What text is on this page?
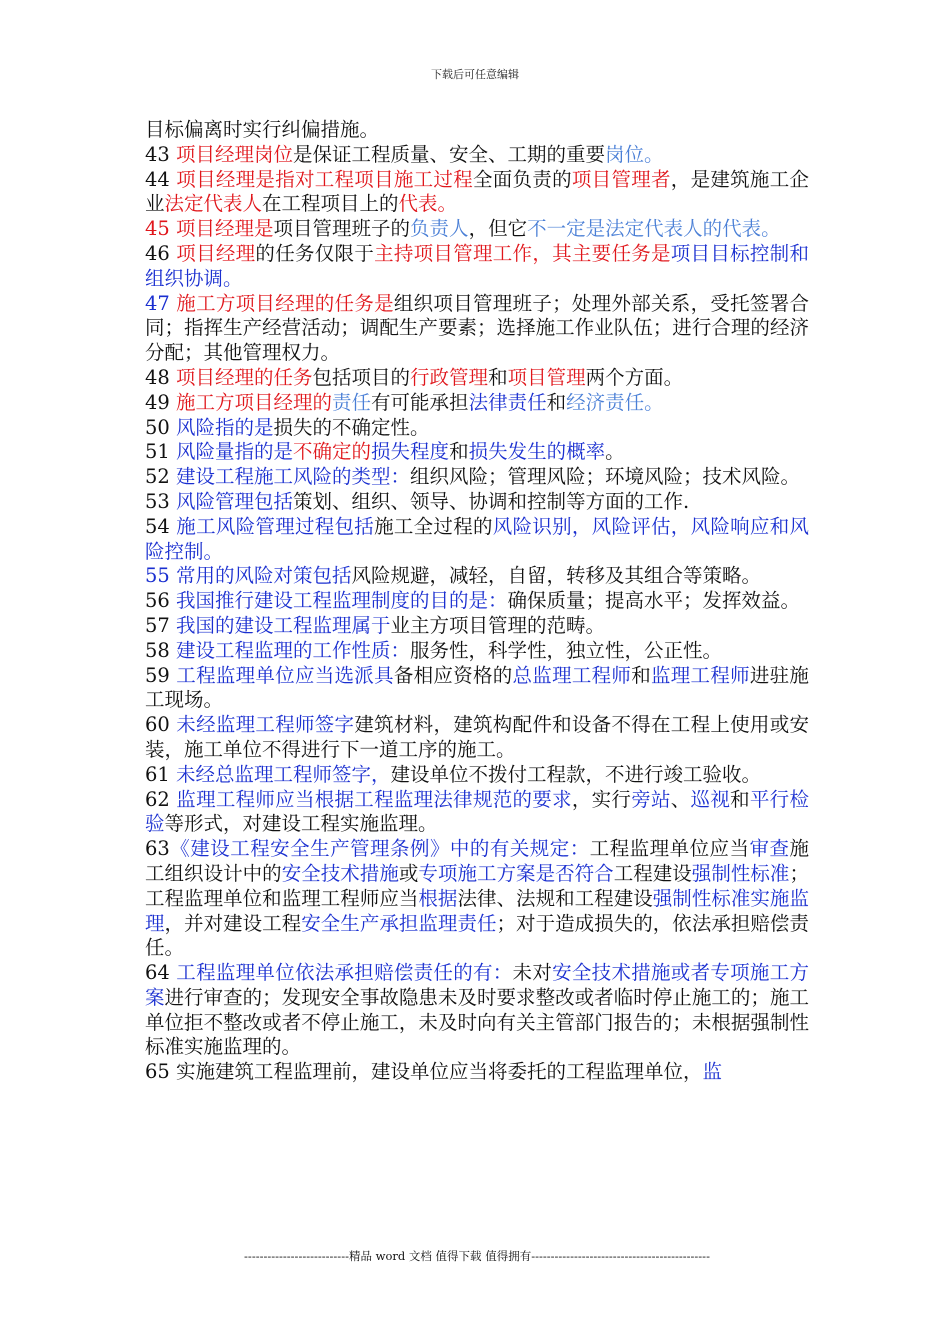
下载后可任意编辑

目标偏离时实行纠偏措施。

43 项目经理岗位是保证工程质量、安全、工期的重要岗位。

44 项目经理是指对工程项目施工过程全面负责的项目管理者，是建筑施工企业法定代表人在工程项目上的代表。

45 项目经理是项目管理班子的负责人，但它不一定是法定代表人的代表。

46 项目经理的任务仅限于主持项目管理工作，其主要任务是项目目标控制和组织协调。

47 施工方项目经理的任务是组织项目管理班子；处理外部关系，受托签署合同；指挥生产经营活动；调配生产要素；选择施工作业队伍；进行合理的经济分配；其他管理权力。

48 项目经理的任务包括项目的行政管理和项目管理两个方面。

49 施工方项目经理的责任有可能承担法律责任和经济责任。

50 风险指的是损失的不确定性。

51 风险量指的是不确定的损失程度和损失发生的概率。

52 建设工程施工风险的类型：组织风险；管理风险；环境风险；技术风险。

53 风险管理包括策划、组织、领导、协调和控制等方面的工作.

54 施工风险管理过程包括施工全过程的风险识别，风险评估，风险响应和风险控制。

55 常用的风险对策包括风险规避，减轻，自留，转移及其组合等策略。

56 我国推行建设工程监理制度的目的是：确保质量；提高水平；发挥效益。

57 我国的建设工程监理属于业主方项目管理的范畴。

58 建设工程监理的工作性质：服务性，科学性，独立性，公正性。

59 工程监理单位应当选派具备相应资格的总监理工程师和监理工程师进驻施工现场。

60 未经监理工程师签字建筑材料，建筑构配件和设备不得在工程上使用或安装，施工单位不得进行下一道工序的施工。

61 未经总监理工程师签字，建设单位不拨付工程款，不进行竣工验收。

62 监理工程师应当根据工程监理法律规范的要求，实行旁站、巡视和平行检验等形式，对建设工程实施监理。

63《建设工程安全生产管理条例》中的有关规定：工程监理单位应当审查施工组织设计中的安全技术措施或专项施工方案是否符合工程建设强制性标准；工程监理单位和监理工程师应当根据法律、法规和工程建设强制性标准实施监理，并对建设工程安全生产承担监理责任；对于造成损失的，依法承担赔偿责任。

64 工程监理单位依法承担赔偿责任的有：未对安全技术措施或者专项施工方案进行审查的；发现安全事故隐患未及时要求整改或者临时停止施工的；施工单位拒不整改或者不停止施工，未及时向有关主管部门报告的；未根据强制性标准实施监理的。

65 实施建筑工程监理前，建设单位应当将委托的工程监理单位，监

---------------------------精品 word 文档 值得下载 值得拥有----------------------------------------------
